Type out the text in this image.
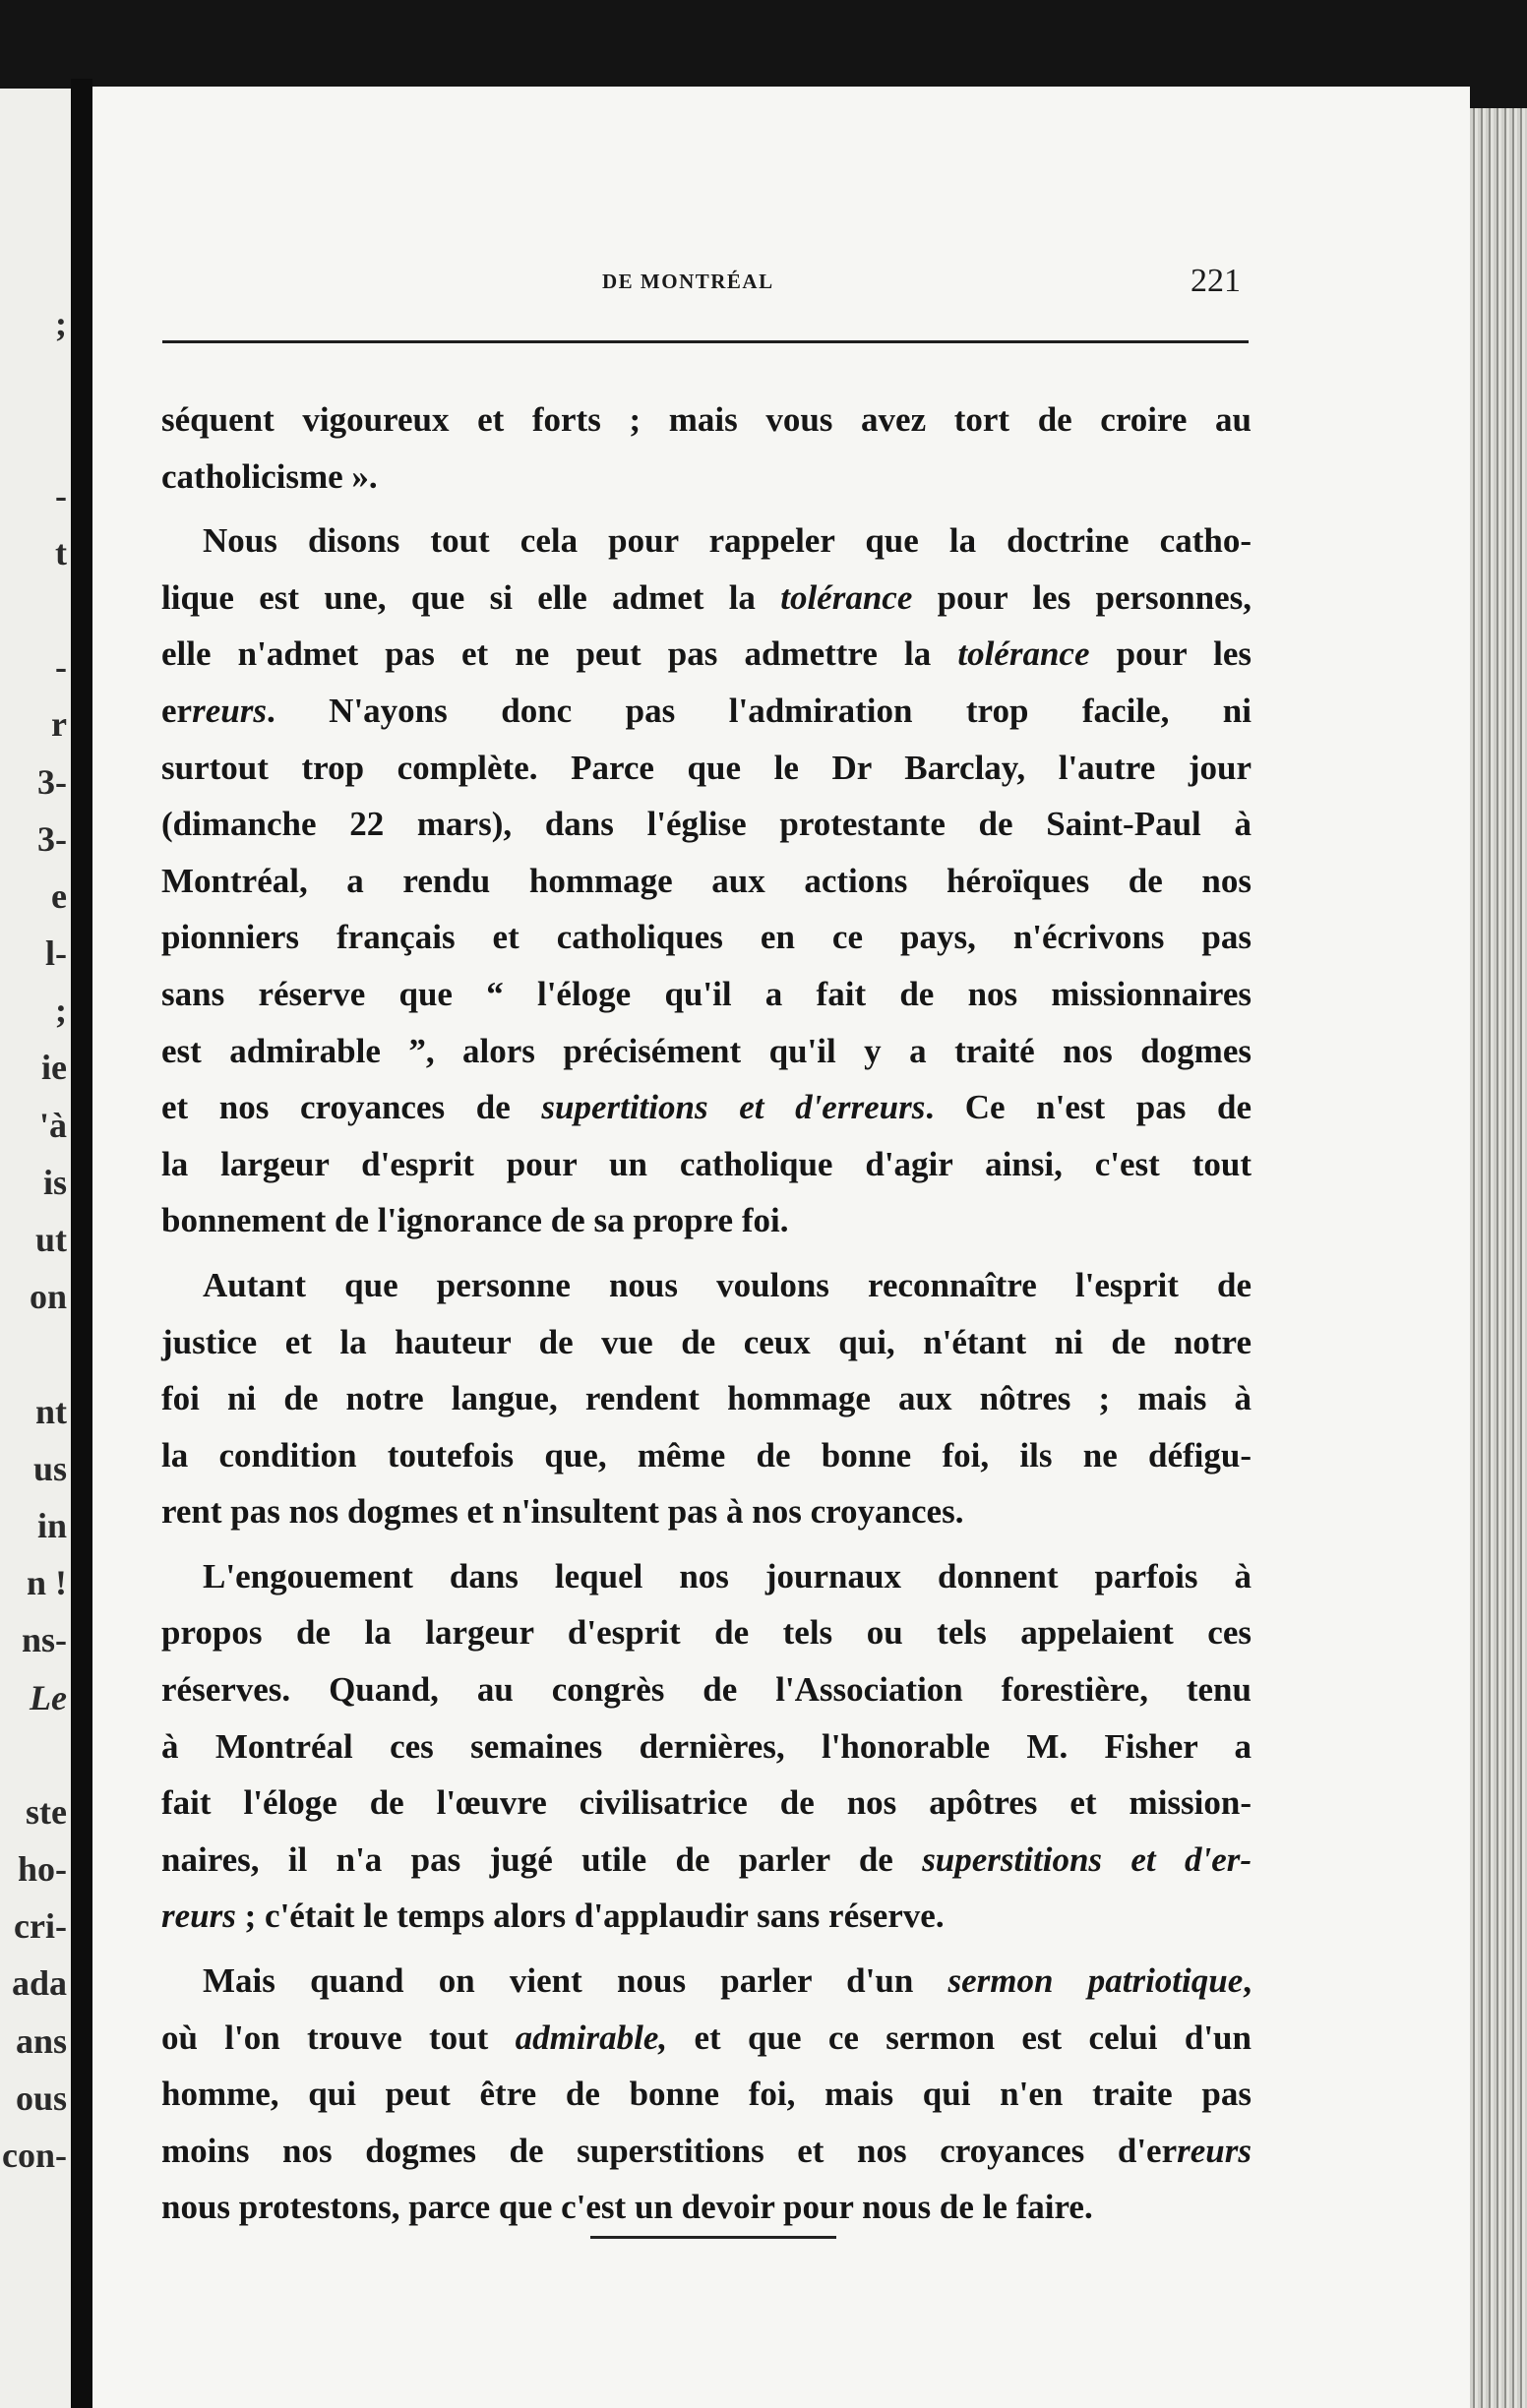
;
-
t
-
r
3-
3-
e
l-
;
ie
'à
is
ut
on
nt
us
in
n !
ns-
Le
ste
ho-
cri-
ada
ans
ous
con-
DE MONTRÉAL	221

séquent vigoureux et forts ; mais vous avez tort de croire au
catholicisme ».

Nous disons tout cela pour rappeler que la doctrine catho-
lique est une, que si elle admet la tolérance pour les personnes,
elle n'admet pas et ne peut pas admettre la tolérance pour les
erreurs. N'ayons donc pas l'admiration trop facile, ni
surtout trop complète. Parce que le Dr Barclay, l'autre jour
(dimanche 22 mars), dans l'église protestante de Saint-Paul à
Montréal, a rendu hommage aux actions héroïques de nos
pionniers français et catholiques en ce pays, n'écrivons pas
sans réserve que “ l'éloge qu'il a fait de nos missionnaires
est admirable ”, alors précisément qu'il y a traité nos dogmes
et nos croyances de supertitions et d'erreurs. Ce n'est pas de
la largeur d'esprit pour un catholique d'agir ainsi, c'est tout
bonnement de l'ignorance de sa propre foi.

Autant que personne nous voulons reconnaître l'esprit de
justice et la hauteur de vue de ceux qui, n'étant ni de notre
foi ni de notre langue, rendent hommage aux nôtres ; mais à
la condition toutefois que, même de bonne foi, ils ne défigu-
rent pas nos dogmes et n'insultent pas à nos croyances.

L'engouement dans lequel nos journaux donnent parfois à
propos de la largeur d'esprit de tels ou tels appelaient ces
réserves. Quand, au congrès de l'Association forestière, tenu
à Montréal ces semaines dernières, l'honorable M. Fisher a
fait l'éloge de l'œuvre civilisatrice de nos apôtres et mission-
naires, il n'a pas jugé utile de parler de superstitions et d'er-
reurs ; c'était le temps alors d'applaudir sans réserve.

Mais quand on vient nous parler d'un sermon patriotique,
où l'on trouve tout admirable, et que ce sermon est celui d'un
homme, qui peut être de bonne foi, mais qui n'en traite pas
moins nos dogmes de superstitions et nos croyances d'erreurs
nous protestons, parce que c'est un devoir pour nous de le faire.
